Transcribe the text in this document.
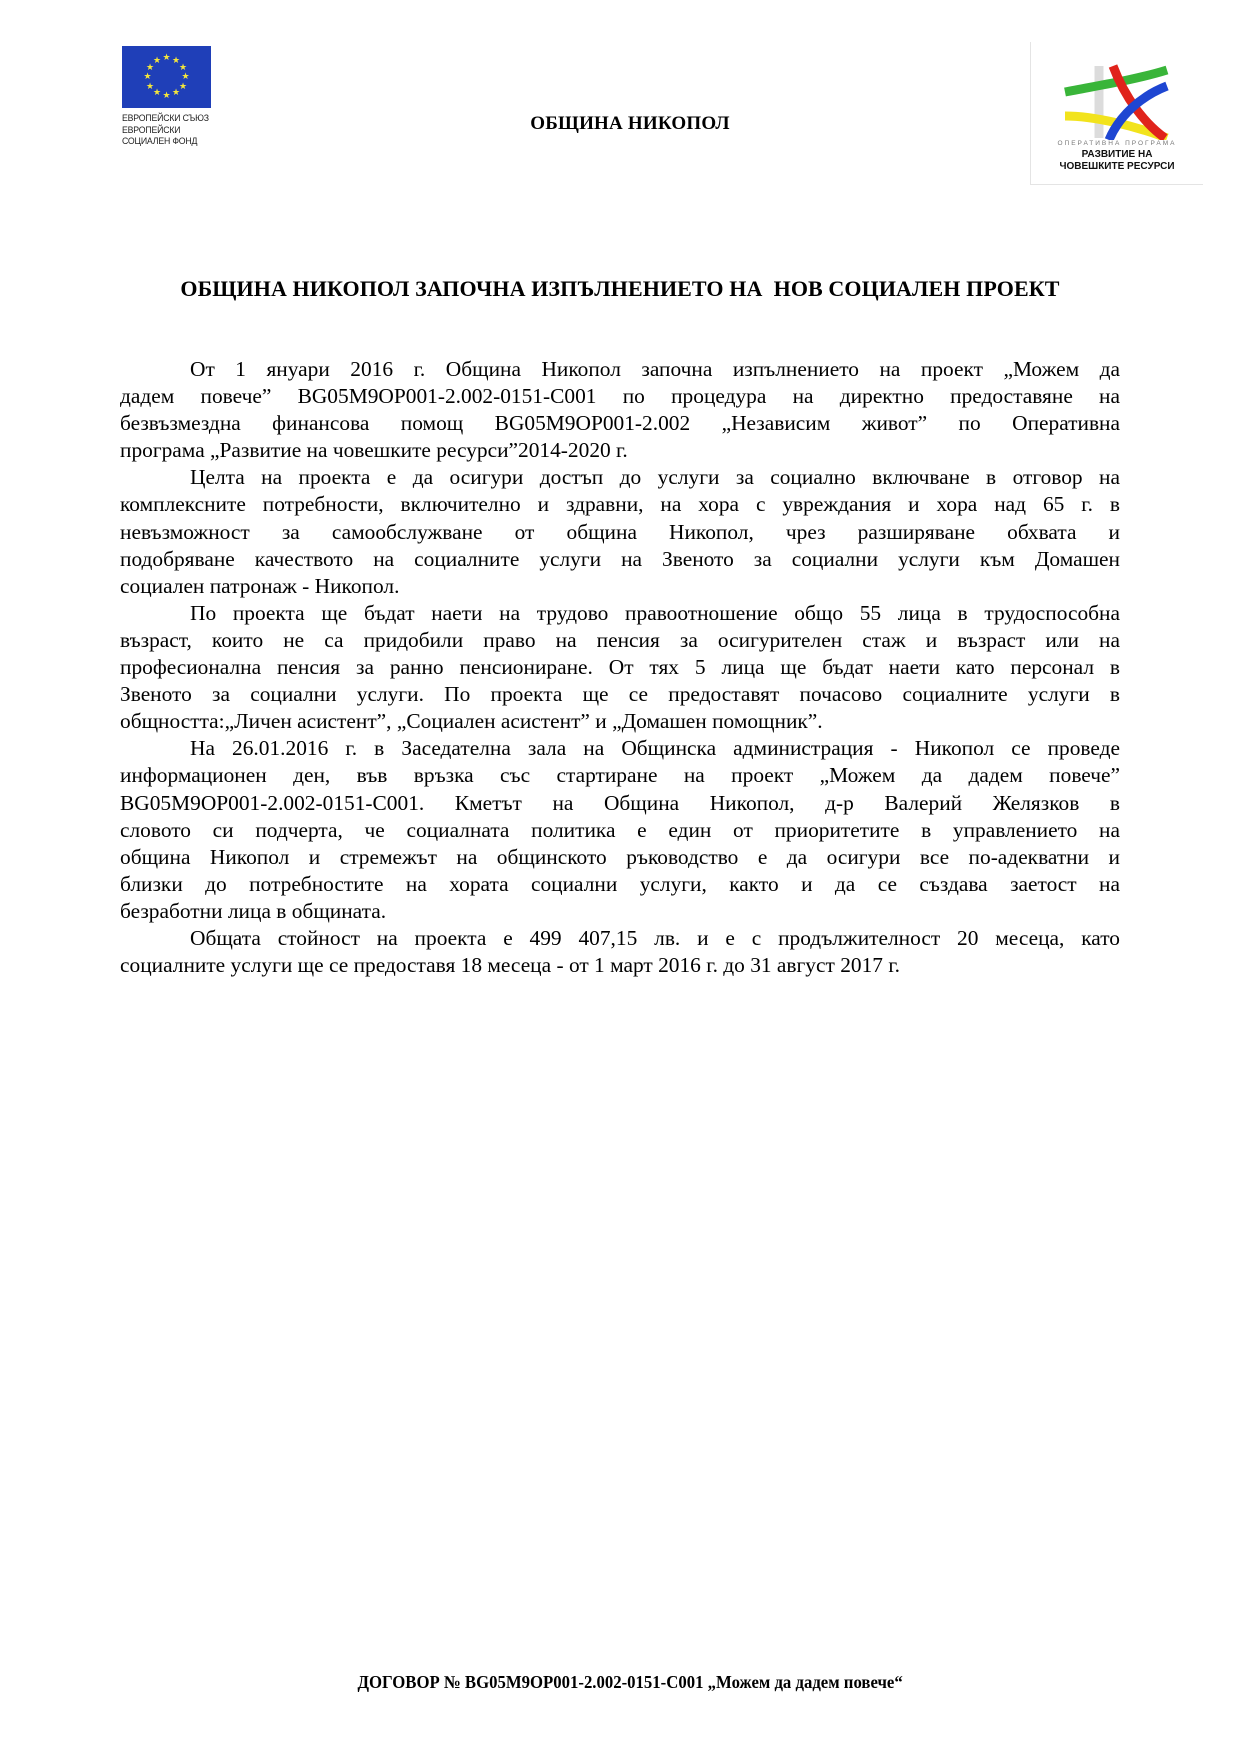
★ ★
★
★
★
★
★
★
★
★
★
★
ЕВРОПЕЙСКИ СЪЮЗ
ЕВРОПЕЙСКИ
СОЦИАЛЕН ФОНД
ОБЩИНА НИКОПОЛ
ОПЕРАТИВНА ПРОГРАМА
РАЗВИТИЕ НА
ЧОВЕШКИТЕ РЕСУРСИ
ОБЩИНА НИКОПОЛ ЗАПОЧНА ИЗПЪЛНЕНИЕТО НА  НОВ СОЦИАЛЕН ПРОЕКТ
От 1 януари 2016 г. Община Никопол започна изпълнението на проект „Можем да
дадем повече” BG05M9OP001-2.002-0151-C001 по процедура на директно предоставяне на
безвъзмездна финансова помощ BG05M9OP001-2.002 „Независим живот” по Оперативна
програма „Развитие на човешките ресурси”2014-2020 г.
Целта на проекта е да осигури достъп до услуги за социално включване в отговор на
комплексните потребности, включително и здравни, на хора с увреждания и хора над 65 г. в
невъзможност за самообслужване от община Никопол, чрез разширяване обхвата и
подобряване качеството на социалните услуги на Звеното за социални услуги към Домашен
социален патронаж - Никопол.
По проекта ще бъдат наети на трудово правоотношение общо 55 лица в трудоспособна
възраст, които не са придобили право на пенсия за осигурителен стаж и възраст или на
професионална пенсия за ранно пенсиониране. От тях 5 лица ще бъдат наети като персонал в
Звеното за социални услуги. По проекта ще се предоставят почасово социалните услуги в
общността:„Личен асистент”, „Социален асистент” и „Домашен помощник”.
На 26.01.2016 г. в Заседателна зала на Общинска администрация - Никопол се проведе
информационен ден, във връзка със стартиране на проект „Можем да дадем повече”
BG05M9OP001-2.002-0151-C001. Кметът на Община Никопол, д-р Валерий Желязков в
словото си подчерта, че социалната политика е един от приоритетите в управлението на
община Никопол и стремежът на общинското ръководство е да осигури все по-адекватни и
близки до потребностите на хората социални услуги, както и да се създава заетост на
безработни лица в общината.
Общата стойност на проекта е 499 407,15 лв. и е с продължителност 20 месеца, като
социалните услуги ще се предоставя 18 месеца - от 1 март 2016 г. до 31 август 2017 г.
ДОГОВОР № BG05M9OP001-2.002-0151-C001 „Можем да дадем повече“
